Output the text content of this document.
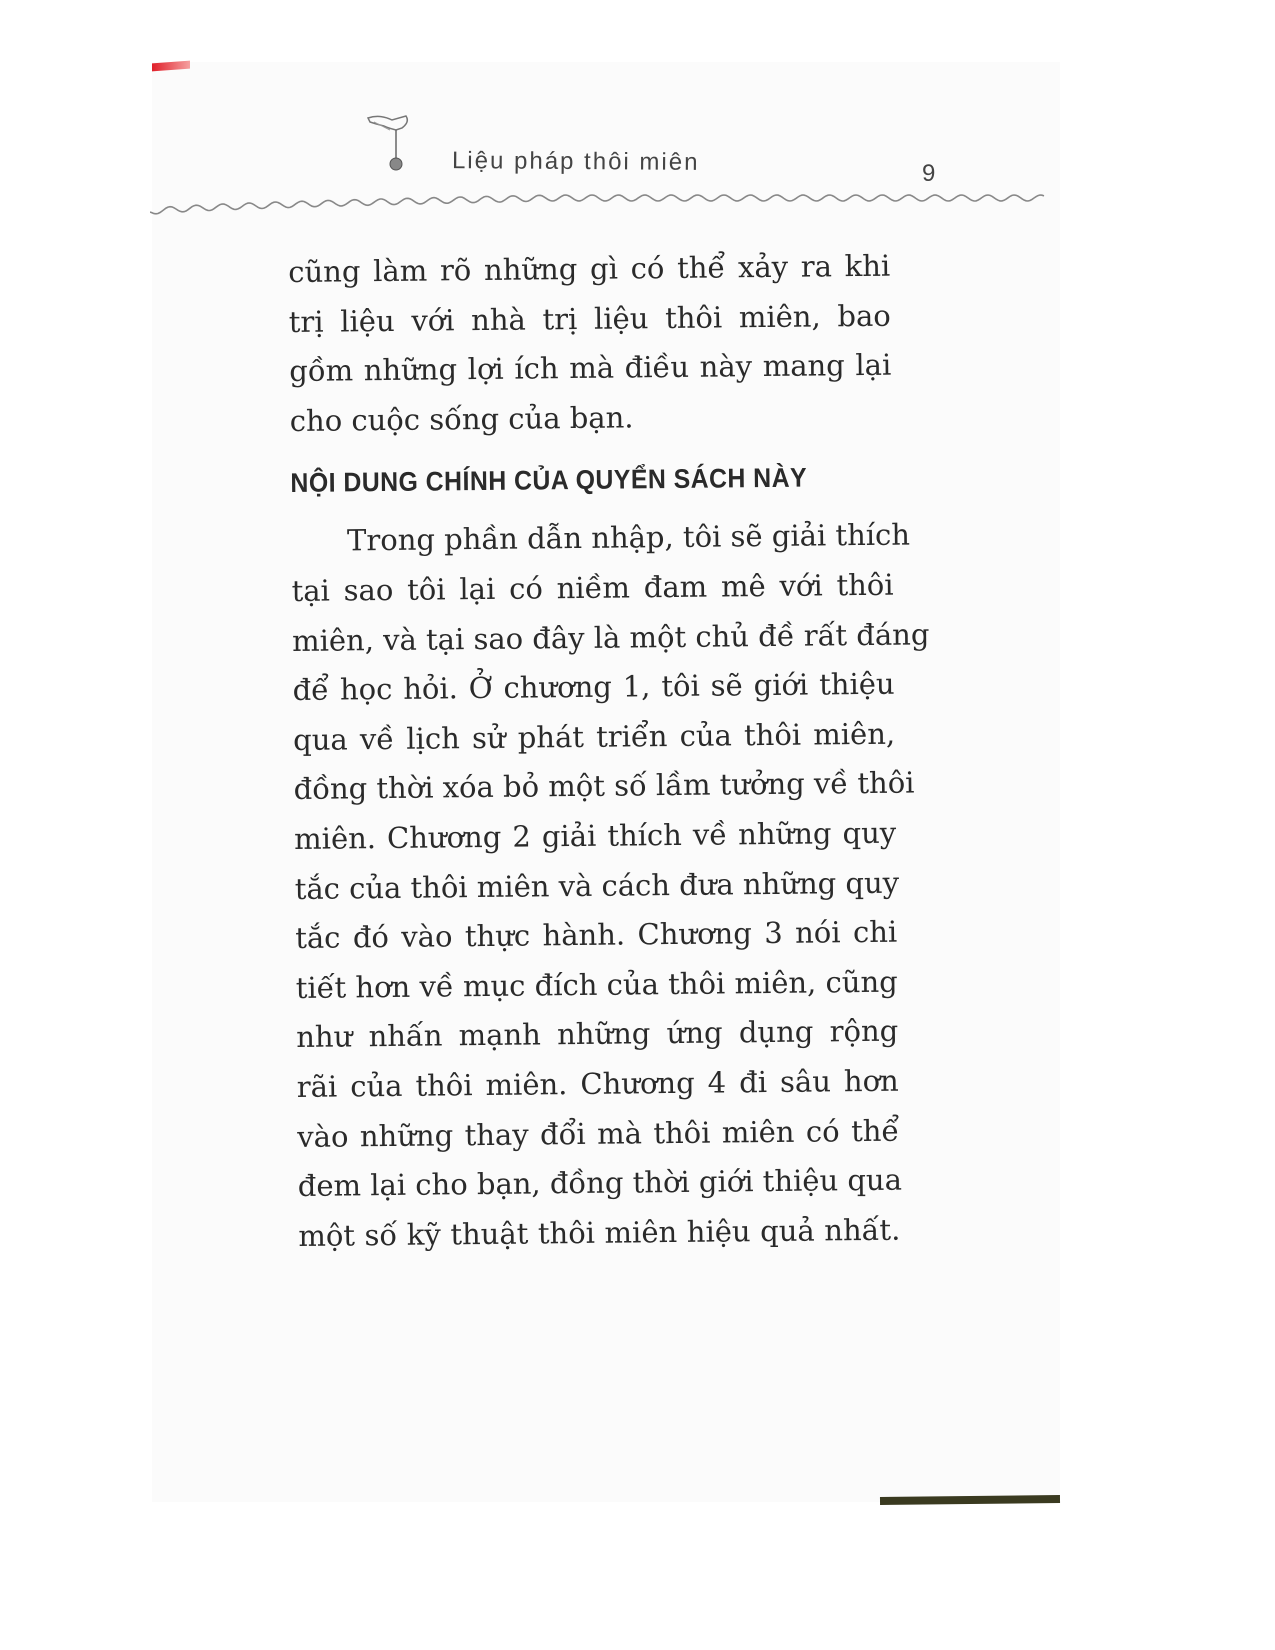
Liệu pháp thôi miên	9
cũng làm rõ những gì có thể xảy ra khi
trị liệu với nhà trị liệu thôi miên, bao
gồm những lợi ích mà điều này mang lại
cho cuộc sống của bạn.
NỘI DUNG CHÍNH CỦA QUYỂN SÁCH NÀY
Trong phần dẫn nhập, tôi sẽ giải thích
tại sao tôi lại có niềm đam mê với thôi
miên, và tại sao đây là một chủ đề rất đáng
để học hỏi. Ở chương 1, tôi sẽ giới thiệu
qua về lịch sử phát triển của thôi miên,
đồng thời xóa bỏ một số lầm tưởng về thôi
miên. Chương 2 giải thích về những quy
tắc của thôi miên và cách đưa những quy
tắc đó vào thực hành. Chương 3 nói chi
tiết hơn về mục đích của thôi miên, cũng
như nhấn mạnh những ứng dụng rộng
rãi của thôi miên. Chương 4 đi sâu hơn
vào những thay đổi mà thôi miên có thể
đem lại cho bạn, đồng thời giới thiệu qua
một số kỹ thuật thôi miên hiệu quả nhất.
